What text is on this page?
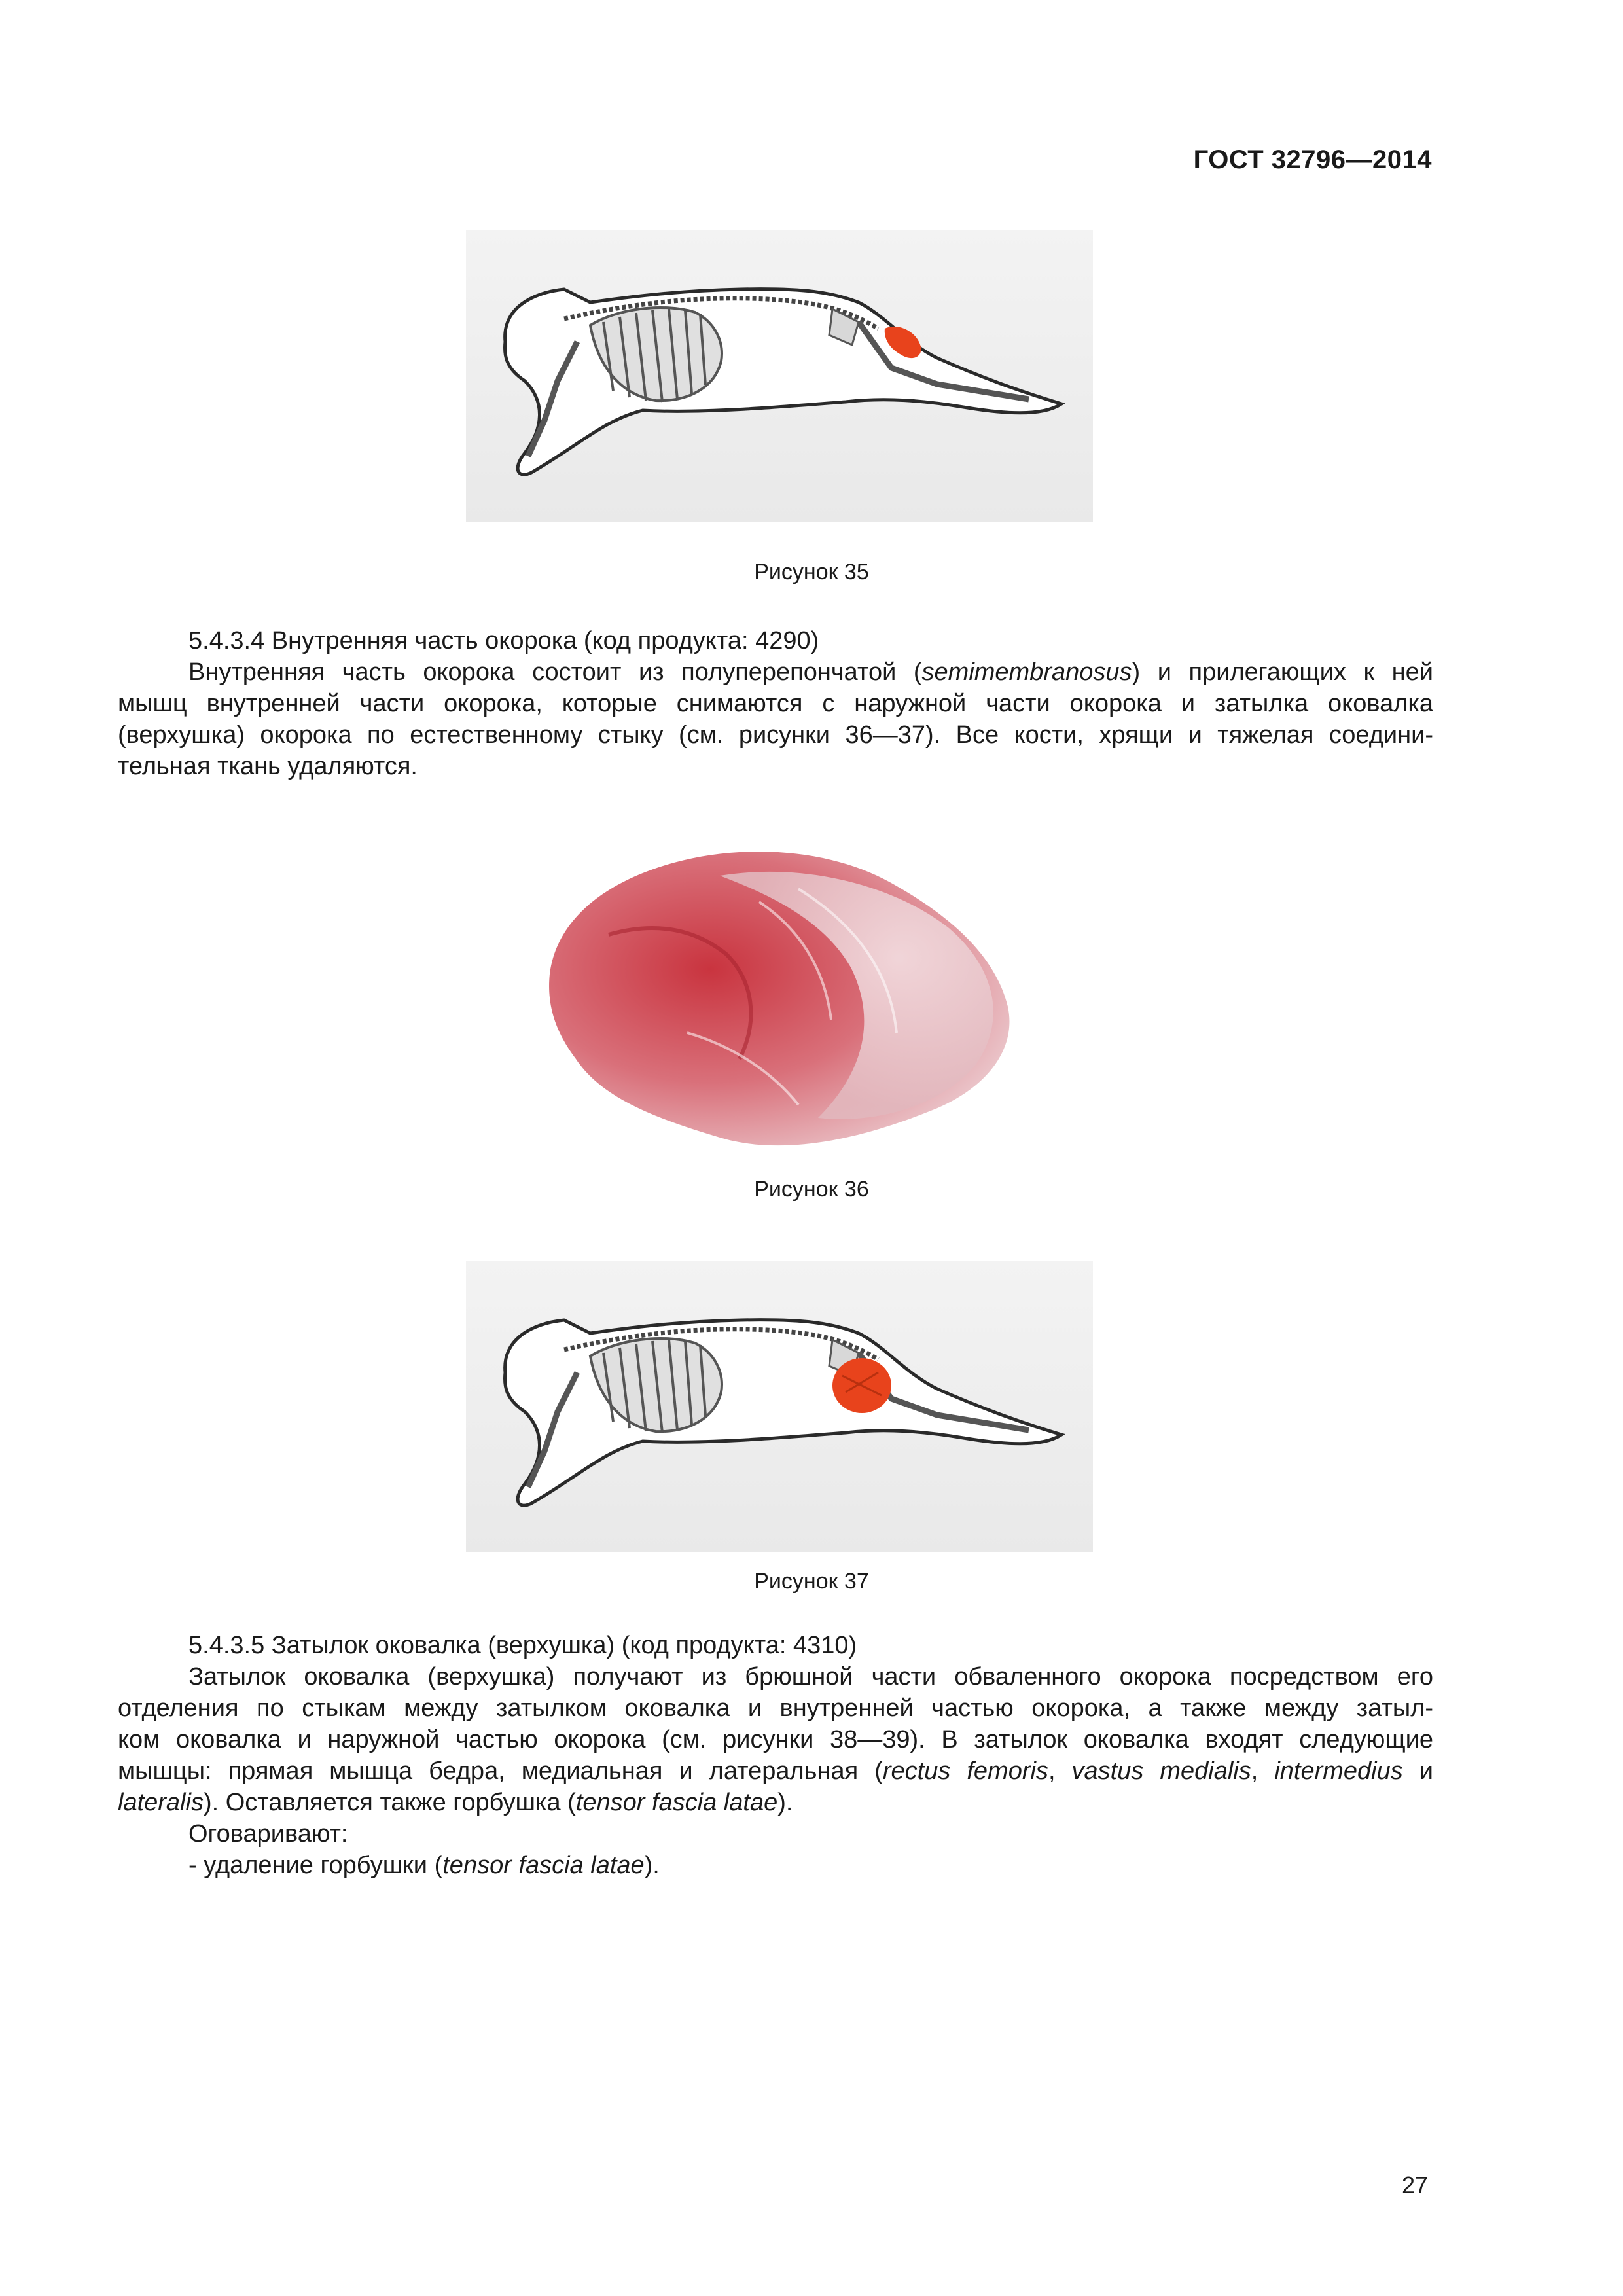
ГОСТ 32796—2014
Рисунок 35

5.4.3.4 Внутренняя часть окорока (код продукта: 4290)

Внутренняя часть окорока состоит из полуперепончатой (semimembranosus) и прилегающих к ней

мышц внутренней части окорока, которые снимаются с наружной части окорока и затылка оковалка

(верхушка) окорока по естественному стыку (см. рисунки 36—37). Все кости, хрящи и тяжелая соедини-

тельная ткань удаляются.

Рисунок 36
Рисунок 37

5.4.3.5 Затылок оковалка (верхушка) (код продукта: 4310)

Затылок оковалка (верхушка) получают из брюшной части обваленного окорока посредством его

отделения по стыкам между затылком оковалка и внутренней частью окорока, а также между затыл-

ком оковалка и наружной частью окорока (см. рисунки 38—39). В затылок оковалка входят следующие

мышцы: прямая мышца бедра, медиальная и латеральная (rectus femoris, vastus medialis, intermedius и

lateralis). Оставляется также горбушка (tensor fascia latae).

Оговаривают:

- удаление горбушки (tensor fascia latae).

27
